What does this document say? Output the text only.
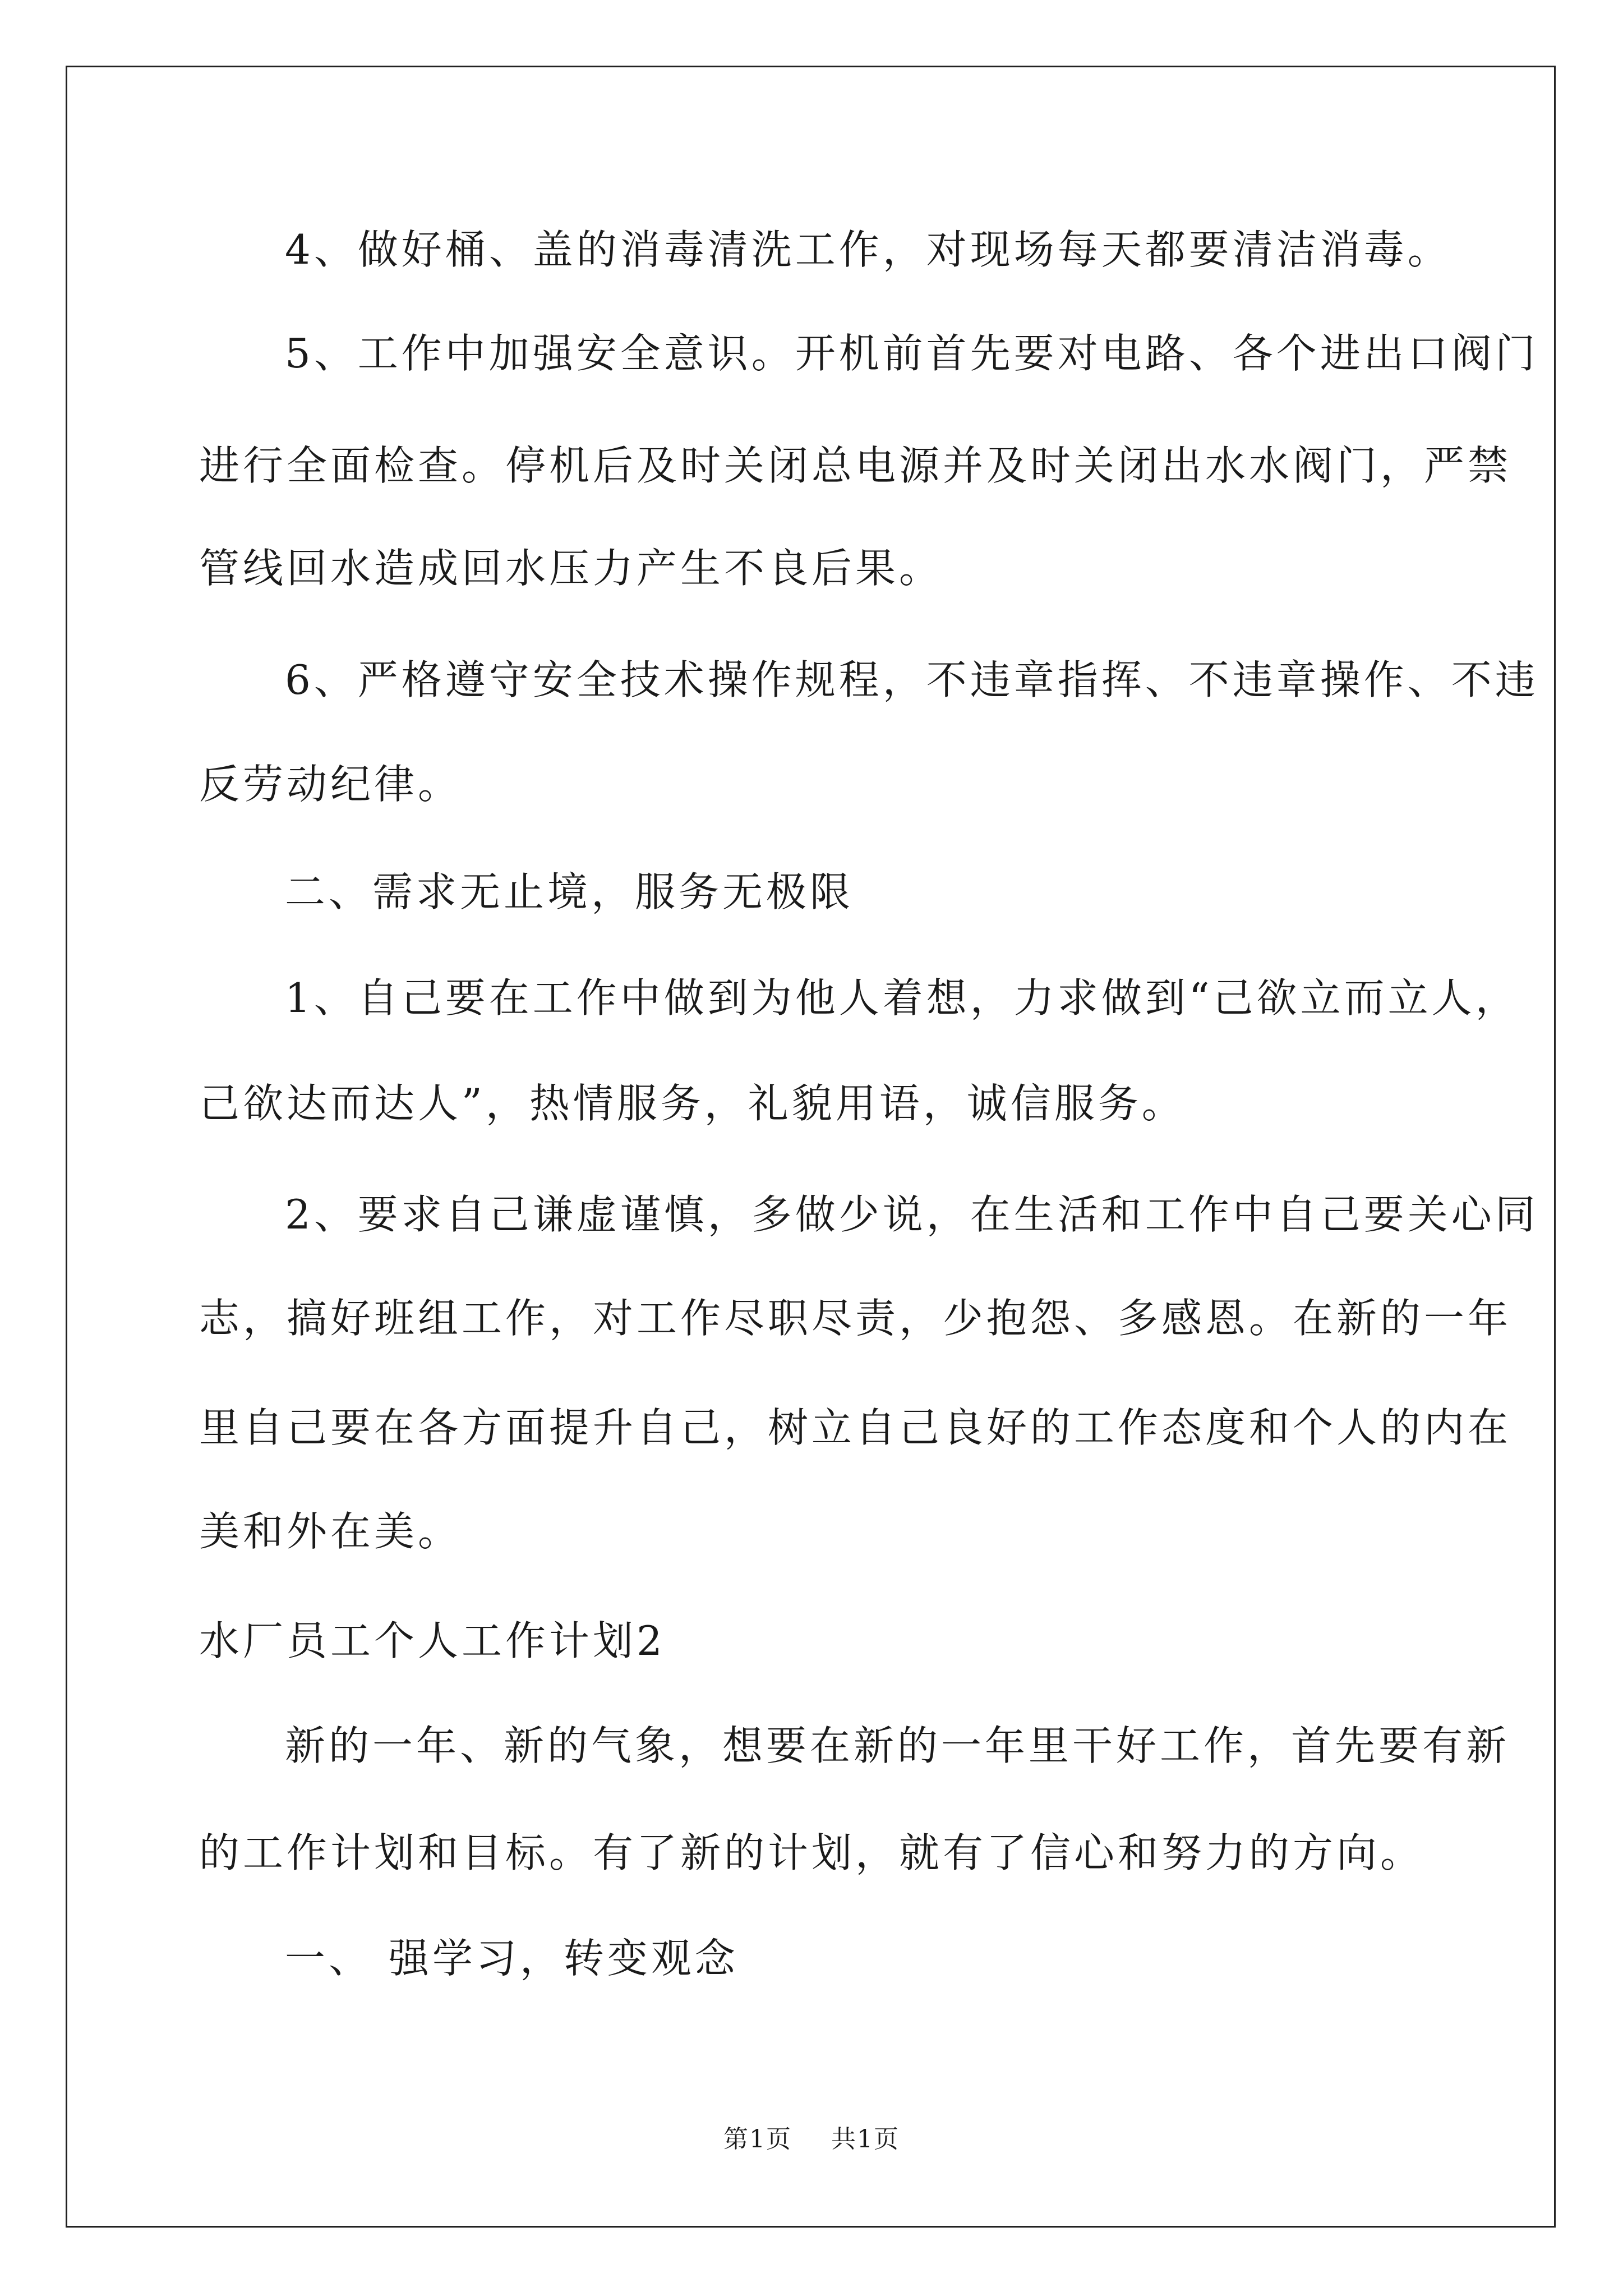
4、做好桶、盖的消毒清洗工作，对现场每天都要清洁消毒。
5、工作中加强安全意识。开机前首先要对电路、各个进出口阀门
进行全面检查。停机后及时关闭总电源并及时关闭出水水阀门，严禁
管线回水造成回水压力产生不良后果。
6、严格遵守安全技术操作规程，不违章指挥、不违章操作、不违
反劳动纪律。
二、需求无止境，服务无极限
1、自己要在工作中做到为他人着想，力求做到“己欲立而立人，
己欲达而达人”，热情服务，礼貌用语，诚信服务。
2、要求自己谦虚谨慎，多做少说，在生活和工作中自己要关心同
志，搞好班组工作，对工作尽职尽责，少抱怨、多感恩。在新的一年
里自己要在各方面提升自己，树立自己良好的工作态度和个人的内在
美和外在美。
水厂员工个人工作计划2
新的一年、新的气象，想要在新的一年里干好工作，首先要有新
的工作计划和目标。有了新的计划，就有了信心和努力的方向。
一、 强学习，转变观念
第1页 共1页
